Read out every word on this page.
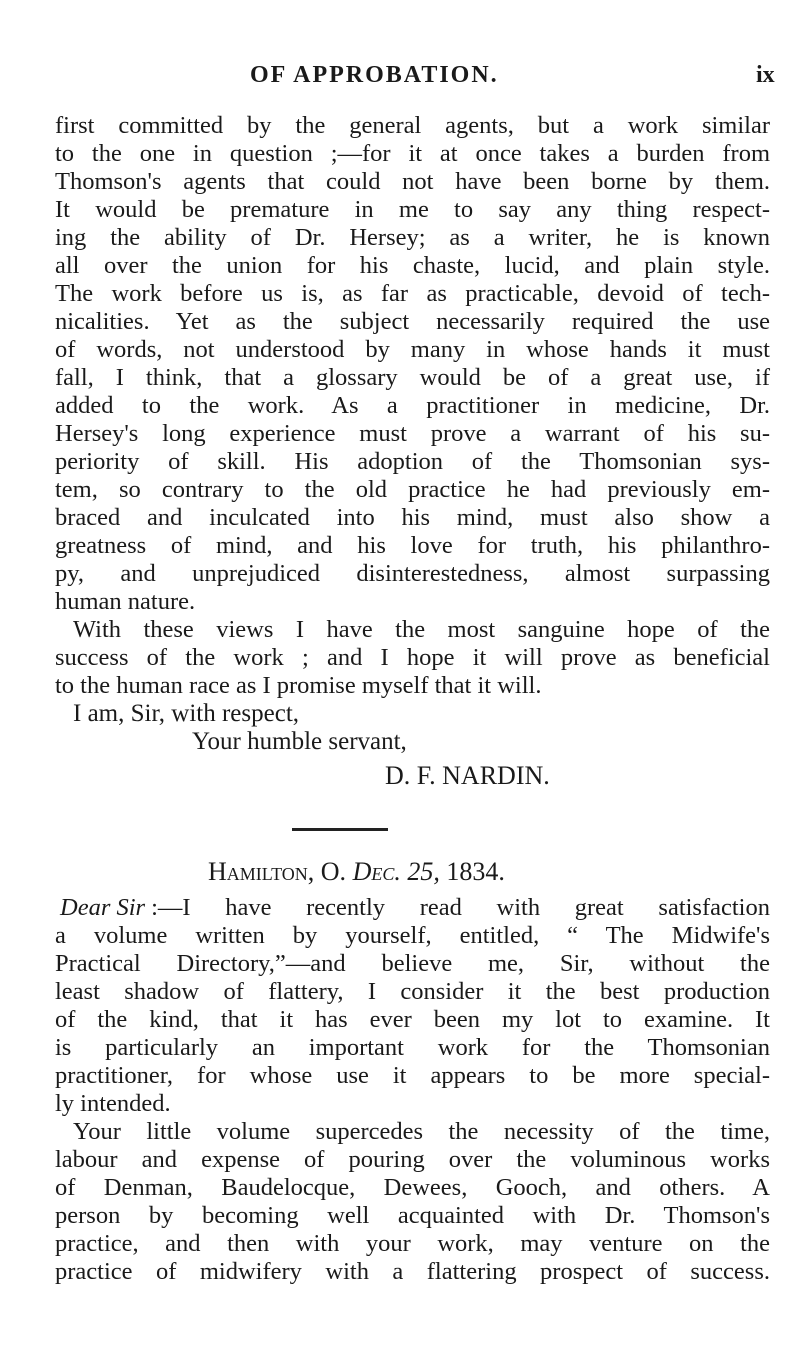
OF APPROBATION.	ix
first committed by the general agents, but a work similar
to the one in question ;—for it at once takes a burden from
Thomson's agents that could not have been borne by them.
It would be premature in me to say any thing respect-
ing the ability of Dr. Hersey; as a writer, he is known
all over the union for his chaste, lucid, and plain style.
The work before us is, as far as practicable, devoid of tech-
nicalities. Yet as the subject necessarily required the use
of words, not understood by many in whose hands it must
fall, I think, that a glossary would be of a great use, if
added to the work. As a practitioner in medicine, Dr.
Hersey's long experience must prove a warrant of his su-
periority of skill. His adoption of the Thomsonian sys-
tem, so contrary to the old practice he had previously em-
braced and inculcated into his mind, must also show a
greatness of mind, and his love for truth, his philanthro-
py, and unprejudiced disinterestedness, almost surpassing
human nature.
With these views I have the most sanguine hope of the
success of the work ; and I hope it will prove as beneficial
to the human race as I promise myself that it will.
I am, Sir, with respect,
Your humble servant,
D. F. NARDIN.
Hamilton, O. Dec. 25, 1834.
Dear Sir :—I have recently read with great satisfaction
a volume written by yourself, entitled, “ The Midwife's
Practical Directory,”—and believe me, Sir, without the
least shadow of flattery, I consider it the best production
of the kind, that it has ever been my lot to examine. It
is particularly an important work for the Thomsonian
practitioner, for whose use it appears to be more special-
ly intended.
Your little volume supercedes the necessity of the time,
labour and expense of pouring over the voluminous works
of Denman, Baudelocque, Dewees, Gooch, and others. A
person by becoming well acquainted with Dr. Thomson's
practice, and then with your work, may venture on the
practice of midwifery with a flattering prospect of success.
